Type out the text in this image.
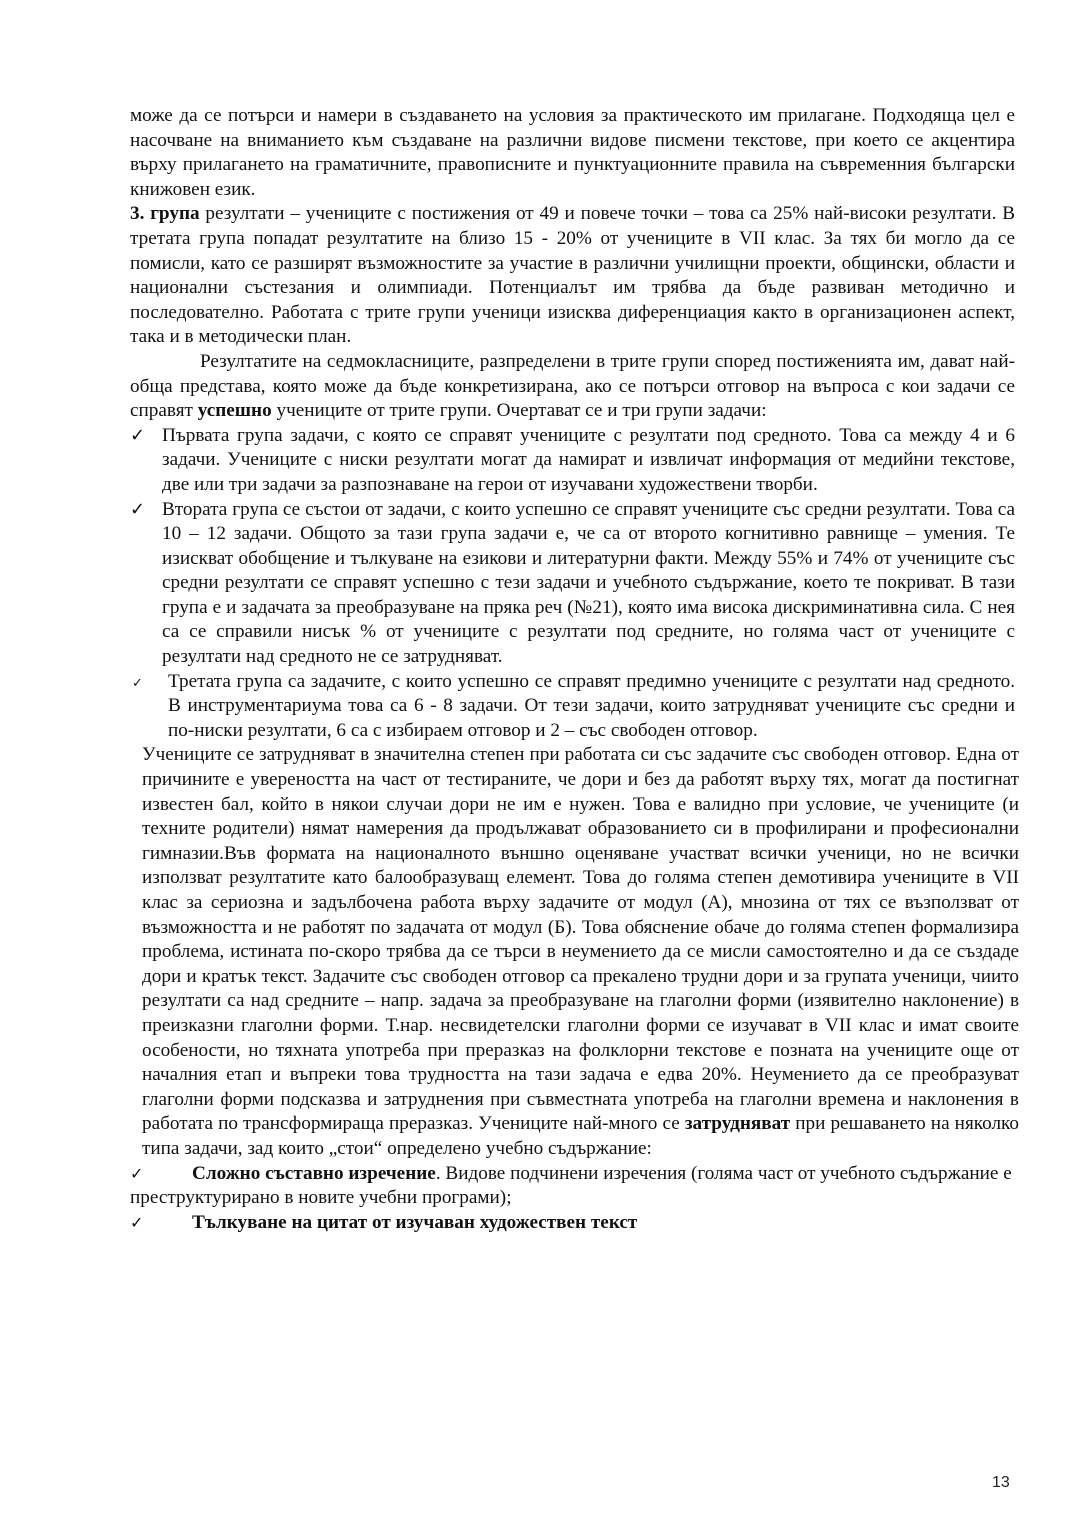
може да се потърси и намери в създаването на условия за практическото им прилагане. Подходяща цел е насочване на вниманието към създаване на различни видове писмени текстове, при което се акцентира върху прилагането на граматичните, правописните и пунктуационните правила на съвременния български книжовен език.

3. група резултати – учениците с постижения от 49 и повече точки – това са 25% най-високи резултати. В третата група попадат резултатите на близо 15 - 20% от учениците в VII клас. За тях би могло да се помисли, като се разширят възможностите за участие в различни училищни проекти, общински, области и национални състезания и олимпиади. Потенциалът им трябва да бъде развиван методично и последователно. Работата с трите групи ученици изисква диференциация както в организационен аспект, така и в методически план.

Резултатите на седмокласниците, разпределени в трите групи според постиженията им, дават най-обща представа, която може да бъде конкретизирана, ако се потърси отговор на въпроса с кои задачи се справят успешно учениците от трите групи. Очертават се и три групи задачи:

✓ Първата група задачи, с която се справят учениците с резултати под средното. Това са между 4 и 6 задачи. Учениците с ниски резултати могат да намират и извличат информация от медийни текстове, две или три задачи за разпознаване на герои от изучавани художествени творби.
✓ Втората група се състои от задачи, с които успешно се справят учениците със средни резултати. Това са 10 – 12 задачи. Общото за тази група задачи е, че са от второто когнитивно равнище – умения. Те изискват обобщение и тълкуване на езикови и литературни факти. Между 55% и 74% от учениците със средни резултати се справят успешно с тези задачи и учебното съдържание, което те покриват. В тази група е и задачата за преобразуване на пряка реч (№21), която има висока дискриминативна сила. С нея са се справили нисък % от учениците с резултати под средните, но голяма част от учениците с резултати над средното не се затрудняват.
✓ Третата група са задачите, с които успешно се справят предимно учениците с резултати над средното. В инструментариума това са 6 - 8 задачи. От тези задачи, които затрудняват учениците със средни и по-ниски резултати, 6 са с избираем отговор и 2 – със свободен отговор.

Учениците се затрудняват в значителна степен при работата си със задачите със свободен отговор. Една от причините е увереността на част от тестираните, че дори и без да работят върху тях, могат да постигнат известен бал, който в някои случаи дори не им е нужен. Това е валидно при условие, че учениците (и техните родители) нямат намерения да продължават образованието си в профилирани и професионални гимназии.Във формата на националното външно оценяване участват всички ученици, но не всички използват резултатите като балообразуващ елемент. Това до голяма степен демотивира учениците в VII клас за сериозна и задълбочена работа върху задачите от модул (А), мнозина от тях се възползват от възможността и не работят по задачата от модул (Б). Това обяснение обаче до голяма степен формализира проблема, истината по-скоро трябва да се търси в неумението да се мисли самостоятелно и да се създаде дори и кратък текст. Задачите със свободен отговор са прекалено трудни дори и за групата ученици, чиито резултати са над средните – напр. задача за преобразуване на глаголни форми (изявително наклонение) в преизказни глаголни форми. Т.нар. несвидетелски глаголни форми се изучават в VII клас и имат своите особености, но тяхната употреба при преразказ на фолклорни текстове е позната на учениците още от началния етап и въпреки това трудността на тази задача е едва 20%. Неумението да се преобразуват глаголни форми подсказва и затруднения при съвместната употреба на глаголни времена и наклонения в работата по трансформираща преразказ. Учениците най-много се затрудняват при решаването на няколко типа задачи, зад които „стои“ определено учебно съдържание:

✓	Сложно съставно изречение. Видове подчинени изречения (голяма част от учебното съдържание е преструктурирано в новите учебни програми);
✓	Тълкуване на цитат от изучаван художествен текст
13
